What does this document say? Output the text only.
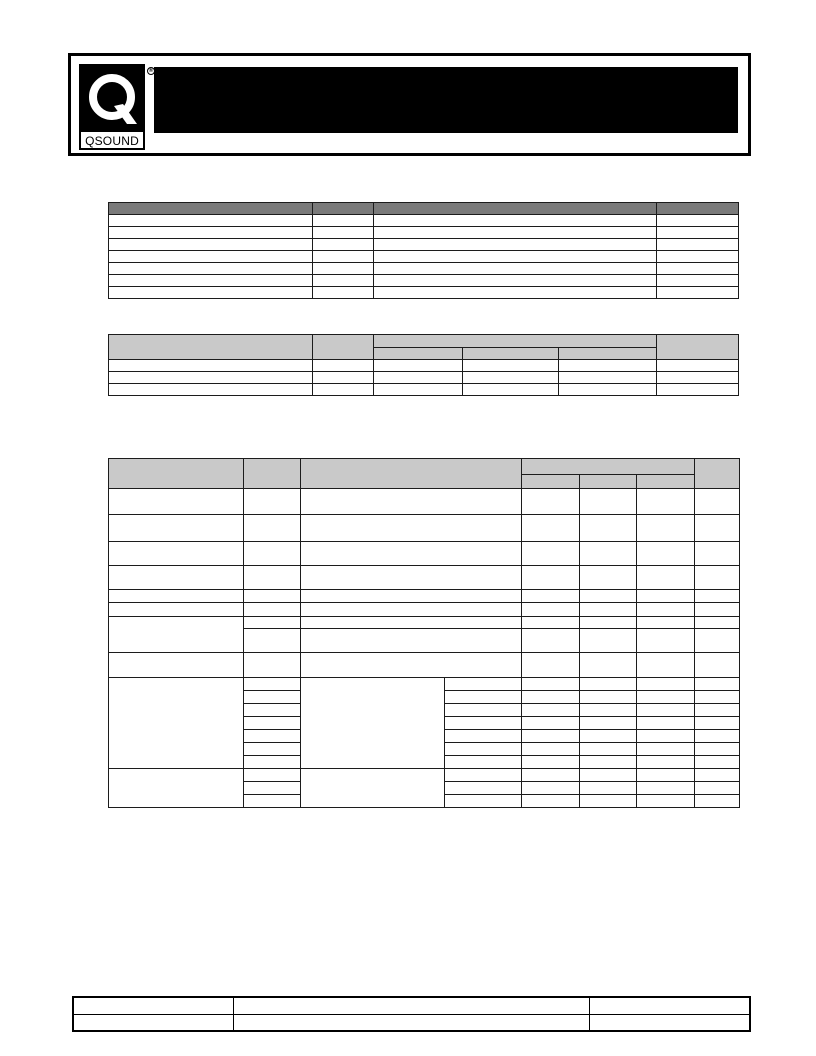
QSOUND
®
